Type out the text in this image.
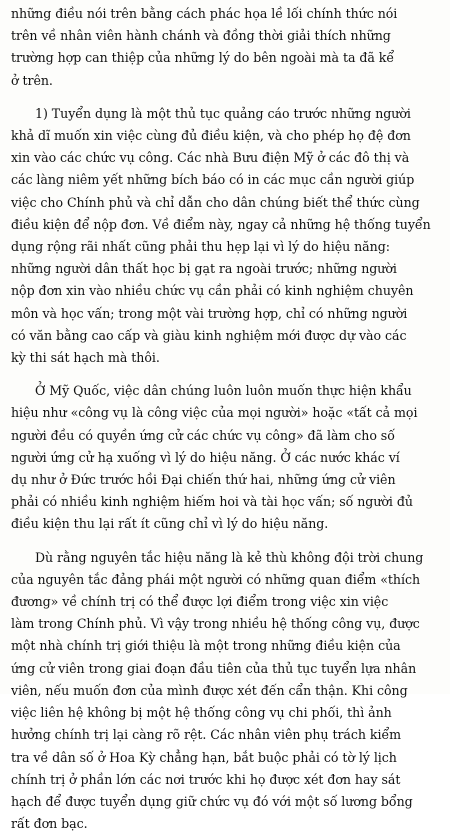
những điều nói trên bằng cách phác họa lề lối chính thức nói
trên về nhân viên hành chánh và đồng thời giải thích những
trường hợp can thiệp của những lý do bên ngoài mà ta đã kể
ở trên.

1) Tuyển dụng là một thủ tục quảng cáo trước những người
khả dĩ muốn xin việc cùng đủ điều kiện, và cho phép họ đệ đơn
xin vào các chức vụ công. Các nhà Bưu điện Mỹ ở các đô thị và
các làng niêm yết những bích báo có in các mục cần người giúp
việc cho Chính phủ và chỉ dẫn cho dân chúng biết thể thức cùng
điều kiện để nộp đơn. Về điểm này, ngay cả những hệ thống tuyển
dụng rộng rãi nhất cũng phải thu hẹp lại vì lý do hiệu năng:
những người dân thất học bị gạt ra ngoài trước; những người
nộp đơn xin vào nhiều chức vụ cần phải có kinh nghiệm chuyên
môn và học vấn; trong một vài trường hợp, chỉ có những người
có văn bằng cao cấp và giàu kinh nghiệm mới được dự vào các
kỳ thi sát hạch mà thôi.

Ở Mỹ Quốc, việc dân chúng luôn luôn muốn thực hiện khẩu
hiệu như «công vụ là công việc của mọi người» hoặc «tất cả mọi
người đều có quyền ứng cử các chức vụ công» đã làm cho số
người ứng cử hạ xuống vì lý do hiệu năng. Ở các nước khác ví
dụ như ở Đức trước hồi Đại chiến thứ hai, những ứng cử viên
phải có nhiều kinh nghiệm hiếm hoi và tài học vấn; số người đủ
điều kiện thu lại rất ít cũng chỉ vì lý do hiệu năng.

Dù rằng nguyên tắc hiệu năng là kẻ thù không đội trời chung
của nguyên tắc đảng phái một người có những quan điểm «thích
đương» về chính trị có thể được lợi điểm trong việc xin việc
làm trong Chính phủ. Vì vậy trong nhiều hệ thống công vụ, được
một nhà chính trị giới thiệu là một trong những điều kiện của
ứng cử viên trong giai đoạn đầu tiên của thủ tục tuyển lựa nhân
viên, nếu muốn đơn của mình được xét đến cẩn thận. Khi công
việc liên hệ không bị một hệ thống công vụ chi phối, thì ảnh
hưởng chính trị lại càng rõ rệt. Các nhân viên phụ trách kiểm
tra về dân số ở Hoa Kỳ chẳng hạn, bắt buộc phải có tờ lý lịch
chính trị ở phần lớn các nơi trước khi họ được xét đơn hay sát
hạch để được tuyển dụng giữ chức vụ đó với một số lương bổng
rất đơn bạc.
